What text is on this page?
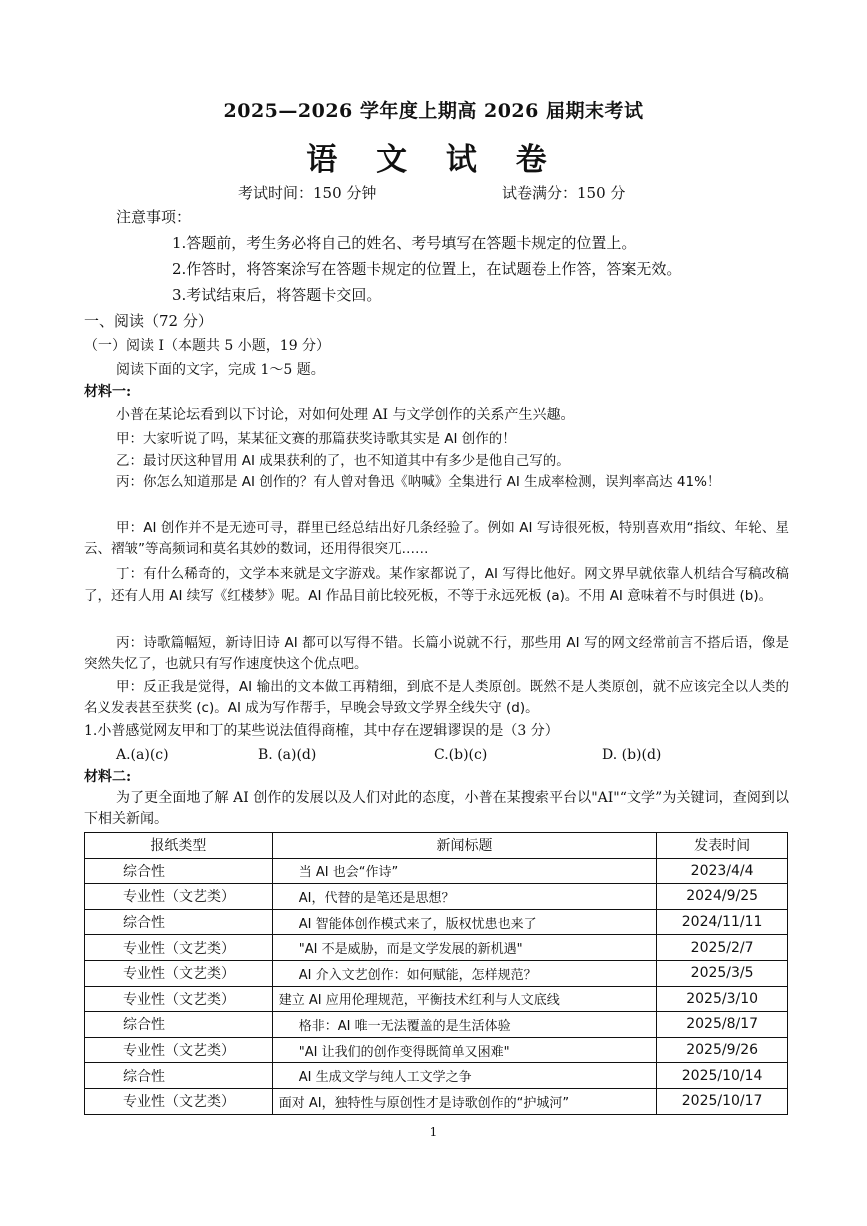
2025—2026 学年度上期高 2026 届期末考试
语 文 试 卷
考试时间：150 分钟	试卷满分：150 分
注意事项：
1.答题前，考生务必将自己的姓名、考号填写在答题卡规定的位置上。
2.作答时，将答案涂写在答题卡规定的位置上，在试题卷上作答，答案无效。
3.考试结束后，将答题卡交回。
一、阅读（72 分）
（一）阅读 I（本题共 5 小题，19 分）
阅读下面的文字，完成 1～5 题。
材料一:
小普在某论坛看到以下讨论，对如何处理 AI 与文学创作的关系产生兴趣。
甲：大家听说了吗，某某征文赛的那篇获奖诗歌其实是 AI 创作的！
乙：最讨厌这种冒用 AI 成果获利的了，也不知道其中有多少是他自己写的。
丙：你怎么知道那是 AI 创作的？有人曾对鲁迅《呐喊》全集进行 AI 生成率检测，误判率高达 41%！
甲：AI 创作并不是无迹可寻，群里已经总结出好几条经验了。例如 AI 写诗很死板，特别喜欢用“指纹、年轮、星云、褶皱”等高频词和莫名其妙的数词，还用得很突兀……
丁：有什么稀奇的，文学本来就是文字游戏。某作家都说了，AI 写得比他好。网文界早就依靠人机结合写稿改稿了，还有人用 AI 续写《红楼梦》呢。AI 作品目前比较死板，不等于永远死板 (a)。不用 AI 意味着不与时俱进 (b)。
丙：诗歌篇幅短，新诗旧诗 AI 都可以写得不错。长篇小说就不行，那些用 AI 写的网文经常前言不搭后语，像是突然失忆了，也就只有写作速度快这个优点吧。
甲：反正我是觉得，AI 输出的文本做工再精细，到底不是人类原创。既然不是人类原创，就不应该完全以人类的名义发表甚至获奖 (c)。AI 成为写作帮手，早晚会导致文学界全线失守 (d)。
1.小普感觉网友甲和丁的某些说法值得商榷，其中存在逻辑谬误的是（3 分）
A.(a)(c)	B. (a)(d)	C.(b)(c)	D. (b)(d)
材料二:
为了更全面地了解 AI 创作的发展以及人们对此的态度，小普在某搜索平台以"AI"“文学”为关键词，查阅到以下相关新闻。
报纸类型	新闻标题	发表时间
综合性	当 AI 也会“作诗”	2023/4/4
专业性（文艺类）	AI，代替的是笔还是思想？	2024/9/25
综合性	AI 智能体创作模式来了，版权忧患也来了	2024/11/11
专业性（文艺类）	"AI 不是威胁，而是文学发展的新机遇"	2025/2/7
专业性（文艺类）	AI 介入文艺创作：如何赋能，怎样规范？	2025/3/5
专业性（文艺类）	建立 AI 应用伦理规范，平衡技术红利与人文底线	2025/3/10
综合性	格非：AI 唯一无法覆盖的是生活体验	2025/8/17
专业性（文艺类）	"AI 让我们的创作变得既简单又困难"	2025/9/26
综合性	AI 生成文学与纯人工文学之争	2025/10/14
专业性（文艺类）	面对 AI，独特性与原创性才是诗歌创作的“护城河”	2025/10/17
1
